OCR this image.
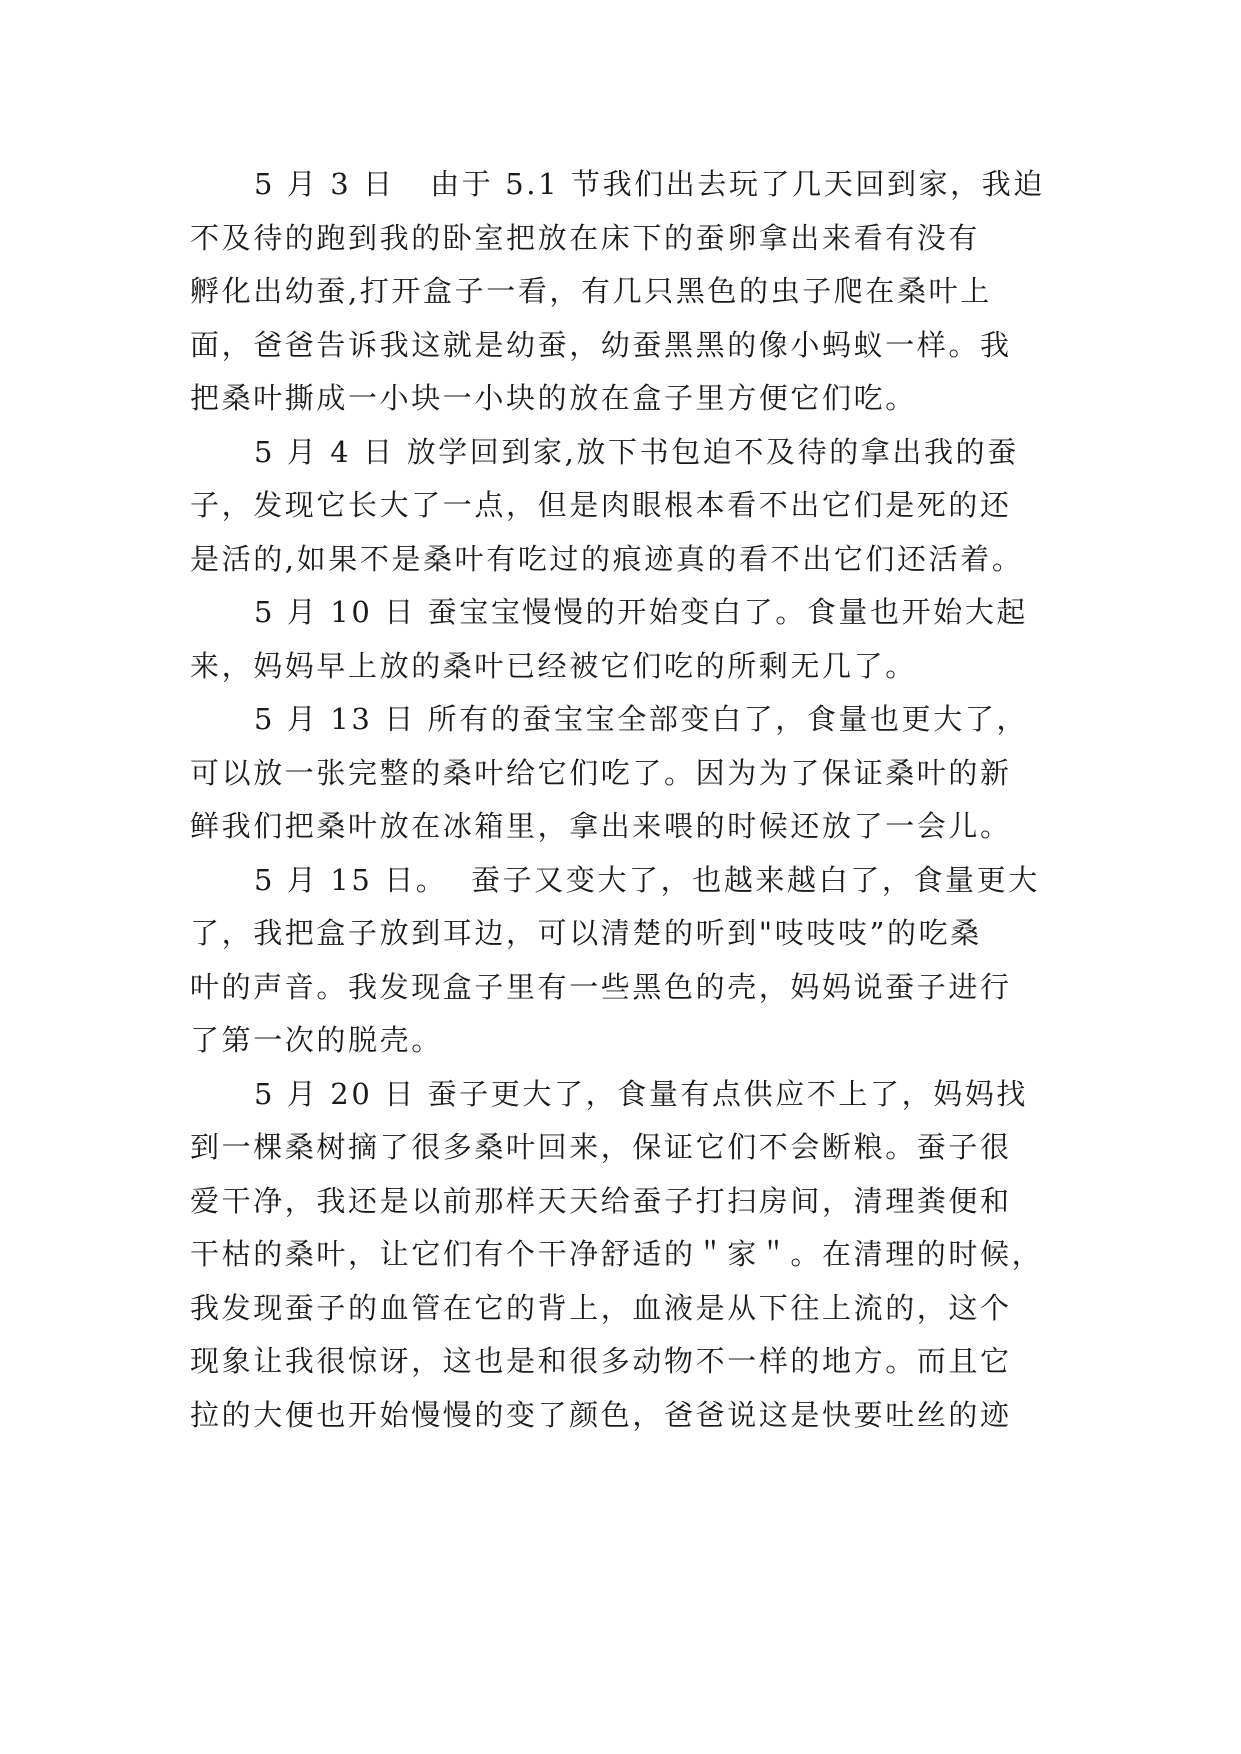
5 月 3 日   由于 5.1 节我们出去玩了几天回到家，我迫
不及待的跑到我的卧室把放在床下的蚕卵拿出来看有没有
孵化出幼蚕,打开盒子一看，有几只黑色的虫子爬在桑叶上
面，爸爸告诉我这就是幼蚕，幼蚕黑黑的像小蚂蚁一样。我
把桑叶撕成一小块一小块的放在盒子里方便它们吃。
5 月 4 日 放学回到家,放下书包迫不及待的拿出我的蚕
子，发现它长大了一点，但是肉眼根本看不出它们是死的还
是活的,如果不是桑叶有吃过的痕迹真的看不出它们还活着。
5 月 10 日 蚕宝宝慢慢的开始变白了。食量也开始大起
来，妈妈早上放的桑叶已经被它们吃的所剩无几了。
5 月 13 日 所有的蚕宝宝全部变白了，食量也更大了，
可以放一张完整的桑叶给它们吃了。因为为了保证桑叶的新
鲜我们把桑叶放在冰箱里，拿出来喂的时候还放了一会儿。
5 月 15 日。  蚕子又变大了，也越来越白了，食量更大
了，我把盒子放到耳边，可以清楚的听到"吱吱吱”的吃桑
叶的声音。我发现盒子里有一些黑色的壳，妈妈说蚕子进行
了第一次的脱壳。
5 月 20 日 蚕子更大了，食量有点供应不上了，妈妈找
到一棵桑树摘了很多桑叶回来，保证它们不会断粮。蚕子很
爱干净，我还是以前那样天天给蚕子打扫房间，清理粪便和
干枯的桑叶，让它们有个干净舒适的＂家＂。在清理的时候，
我发现蚕子的血管在它的背上，血液是从下往上流的，这个
现象让我很惊讶，这也是和很多动物不一样的地方。而且它
拉的大便也开始慢慢的变了颜色，爸爸说这是快要吐丝的迹
